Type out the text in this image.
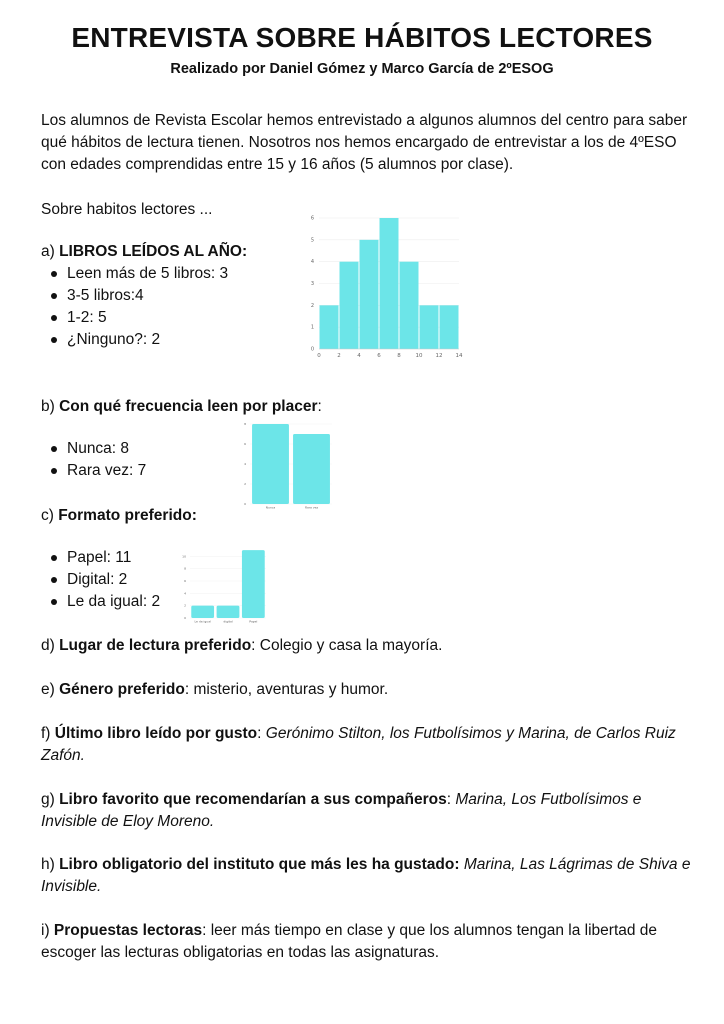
ENTREVISTA SOBRE HÁBITOS LECTORES
Realizado por Daniel Gómez y Marco García de 2ºESOG
Los alumnos de Revista Escolar hemos entrevistado a algunos alumnos del centro para saber qué hábitos de lectura tienen. Nosotros nos hemos encargado de entrevistar a los de 4ºESO con edades comprendidas entre 15 y 16 años (5 alumnos por clase).
Sobre habitos lectores ...
a) LIBROS LEÍDOS AL AÑO:
Leen más de 5 libros: 3
3-5 libros:4
1-2: 5
¿Ninguno?: 2
b) Con qué frecuencia leen por placer:
Nunca: 8
Rara vez: 7
c) Formato preferido:
Papel: 11
Digital: 2
Le da igual: 2
d) Lugar de lectura preferido: Colegio y casa la mayoría.
e) Género preferido: misterio, aventuras y humor.
f) Último libro leído por gusto: Gerónimo Stilton, los Futbolísimos y Marina, de Carlos Ruiz Zafón.
g) Libro favorito que recomendarían a sus compañeros: Marina, Los Futbolísimos e Invisible de Eloy Moreno.
h) Libro obligatorio del instituto que más les ha gustado: Marina, Las Lágrimas de Shiva e Invisible.
i) Propuestas lectoras: leer más tiempo en clase y que los alumnos tengan la libertad de escoger las lecturas obligatorias en todas las asignaturas.
0
1
2
3
4
5
6
0	2	4	6	8	10 12 14
0
2
4
6
8
Nunca	Rara vez
0
2
4
6
8
10
Le da igual	digital	Papel
